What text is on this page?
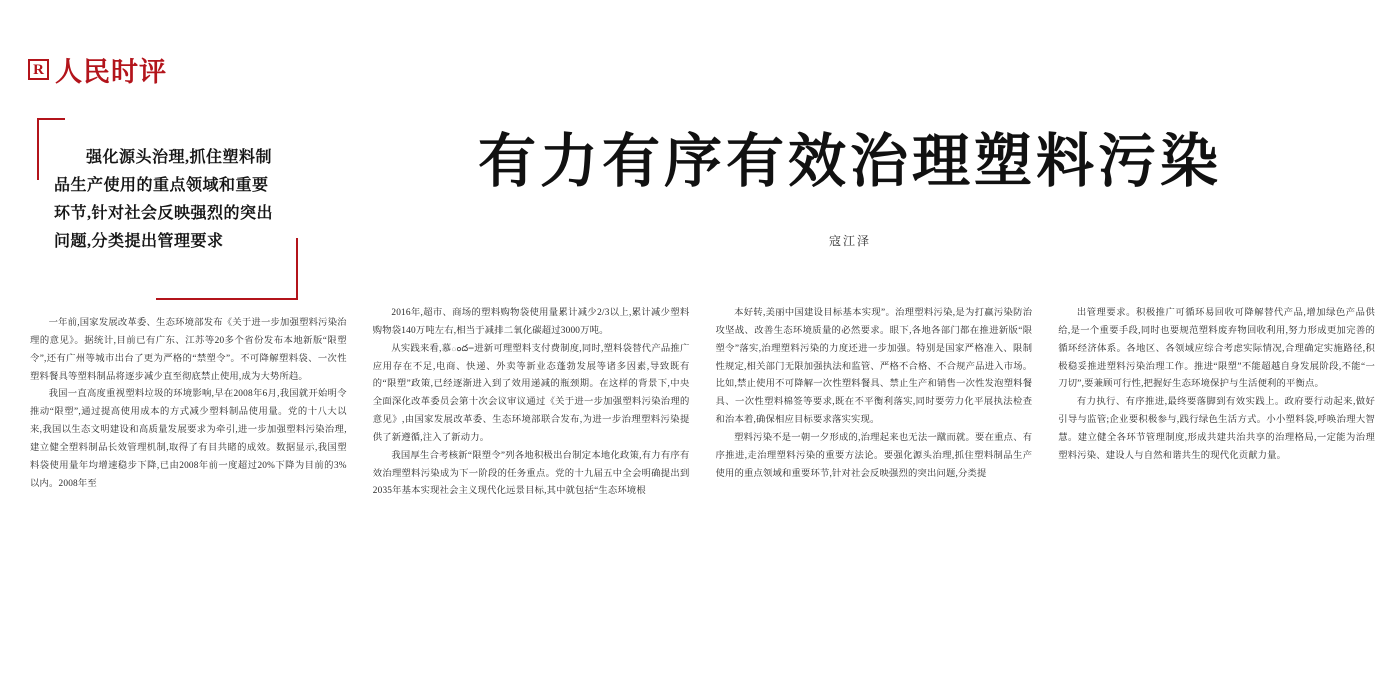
R 人民时评
强化源头治理,抓住塑料制品生产使用的重点领域和重要环节,针对社会反映强烈的突出问题,分类提出管理要求
有力有序有效治理塑料污染
寇江泽

一年前,国家发展改革委、生态环境部发布《关于进一步加强塑料污染治理的意见》。据统计,目前已有广东、江苏等20多个省份发布本地新版“限塑令”,还有广州等城市出台了更为严格的“禁塑令”。不可降解塑料袋、一次性塑料餐具等塑料制品将逐步减少直至彻底禁止使用,成为大势所趋。

我国一直高度重视塑料垃圾的环境影响,早在2008年6月,我国就开始明令推动“限塑”,通过提高使用成本的方式减少塑料制品使用量。党的十八大以来,我国以生态文明建设和高质量发展要求为牵引,进一步加强塑料污染治理,建立健全塑料制品长效管理机制,取得了有目共睹的成效。数据显示,我国塑料袋使用量年均增速稳步下降,已由2008年前一度超过20%下降为目前的3%以内。2008年至

2016年,超市、商场的塑料购物袋使用量累计减少2/3以上,累计减少塑料购物袋140万吨左右,相当于减排二氧化碳超过3000万吨。

从实践来看,慕ంద౼进新可理塑料支付费制度,同时,塑料袋替代产品推广应用存在不足,电商、快递、外卖等新业态蓬勃发展等诸多因素,导致既有的“限塑”政策,已经逐渐进入到了效用递减的瓶颈期。在这样的背景下,中央全面深化改革委员会第十次会议审议通过《关于进一步加强塑料污染治理的意见》,由国家发展改革委、生态环境部联合发布,为进一步治理塑料污染提供了新遵循,注入了新动力。

我国厚生合考核新“限塑令”列各地积极出台制定本地化政策,有力有序有效治理塑料污染成为下一阶段的任务重点。党的十九届五中全会明确提出到2035年基本实现社会主义现代化远景目标,其中就包括“生态环境根

本好转,美丽中国建设目标基本实现”。治理塑料污染,是为打赢污染防治攻坚战、改善生态环境质量的必然要求。眼下,各地各部门都在推进新版“限塑令”落实,治理塑料污染的力度还进一步加强。特别是国家严格准入、限制性规定,相关部门无限加强执法和监管、严格不合格、不合规产品进入市场。比如,禁止使用不可降解一次性塑料餐具、禁止生产和销售一次性发泡塑料餐具、一次性塑料棉签等要求,既在不平衡利落实,同时要劳力化平展执法检查和治本着,确保相应目标要求落实实现。

塑料污染不是一朝一夕形成的,治理起来也无法一蹴而就。要在重点、有序推进,走治理塑料污染的重要方法论。要强化源头治理,抓住塑料制品生产使用的重点领域和重要环节,针对社会反映强烈的突出问题,分类提

出管理要求。积极推广可循环易回收可降解替代产品,增加绿色产品供给,是一个重要手段,同时也要规范塑料废弃物回收利用,努力形成更加完善的循环经济体系。各地区、各领域应综合考虑实际情况,合理确定实施路径,积极稳妥推进塑料污染治理工作。推进“限塑”不能超越自身发展阶段,不能“一刀切”,要兼顾可行性,把握好生态环境保护与生活便利的平衡点。

有力执行、有序推进,最终要落脚到有效实践上。政府要行动起来,做好引导与监管;企业要积极参与,践行绿色生活方式。小小塑料袋,呼唤治理大智慧。建立健全各环节管理制度,形成共建共治共享的治理格局,一定能为治理塑料污染、建设人与自然和谐共生的现代化贡献力量。
